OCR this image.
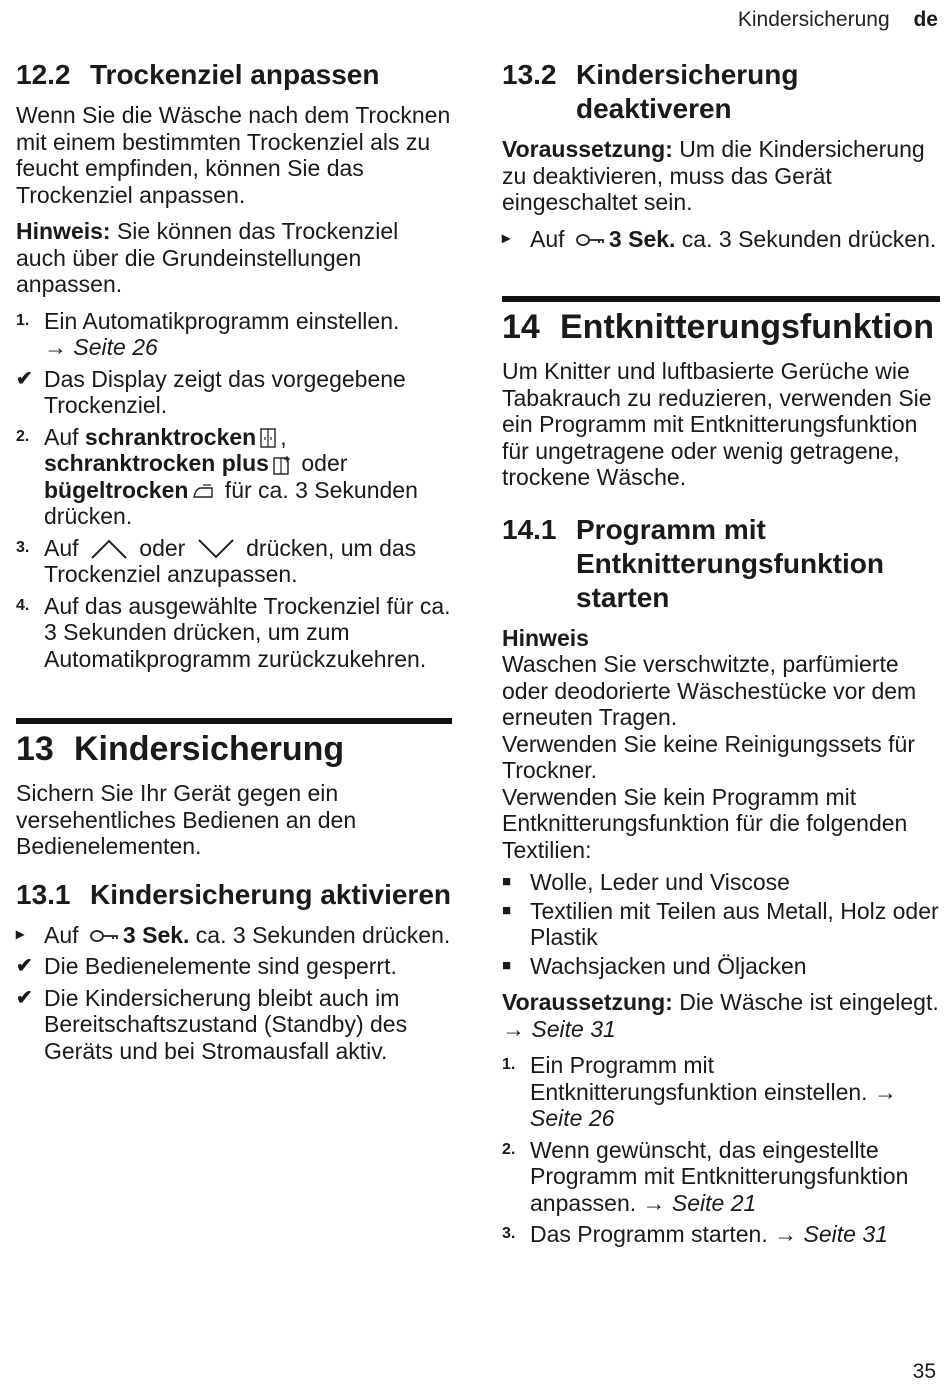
Kindersicherung de
12.2 Trockenziel anpassen

Wenn Sie die Wäsche nach dem Trocknen mit einem bestimmten Trockenziel als zu feucht empfinden, können Sie das Trockenziel anpassen.

Hinweis: Sie können das Trockenziel auch über die Grundeinstellungen anpassen.

1. Ein Automatikprogramm einstellen.
→ Seite 26
✔ Das Display zeigt das vorgegebene Trockenziel.
2. Auf schranktrocken , schranktrocken plus oder bügeltrocken für ca. 3 Sekunden drücken.
3. Auf  oder  drücken, um das Trockenziel anzupassen.
4. Auf das ausgewählte Trockenziel für ca. 3 Sekunden drücken, um zum Automatikprogramm zurückzukehren.
13 Kindersicherung

Sichern Sie Ihr Gerät gegen ein versehentliches Bedienen an den Bedienelementen.

13.1 Kindersicherung aktivieren
▸ Auf 3 Sek. ca. 3 Sekunden drücken.
✔ Die Bedienelemente sind gesperrt.
✔ Die Kindersicherung bleibt auch im Bereitschaftszustand (Standby) des Geräts und bei Stromausfall aktiv.
13.2 Kindersicherung deaktiveren

Voraussetzung: Um die Kindersicherung zu deaktivieren, muss das Gerät eingeschaltet sein.

▸ Auf 3 Sek. ca. 3 Sekunden drücken.
14 Entknitterungsfunktion

Um Knitter und luftbasierte Gerüche wie Tabakrauch zu reduzieren, verwenden Sie ein Programm mit Entknitterungsfunktion für ungetragene oder wenig getragene, trockene Wäsche.

14.1 Programm mit Entknitterungsfunktion starten

Hinweis
Waschen Sie verschwitzte, parfümierte oder deodorierte Wäschestücke vor dem erneuten Tragen.
Verwenden Sie keine Reinigungssets für Trockner.
Verwenden Sie kein Programm mit Entknitterungsfunktion für die folgenden Textilien:

■ Wolle, Leder und Viscose
■ Textilien mit Teilen aus Metall, Holz oder Plastik
■ Wachsjacken und Öljacken

Voraussetzung: Die Wäsche ist eingelegt. → Seite 31

1. Ein Programm mit Entknitterungsfunktion einstellen. → Seite 26
2. Wenn gewünscht, das eingestellte Programm mit Entknitterungsfunktion anpassen. → Seite 21
3. Das Programm starten. → Seite 31
35
